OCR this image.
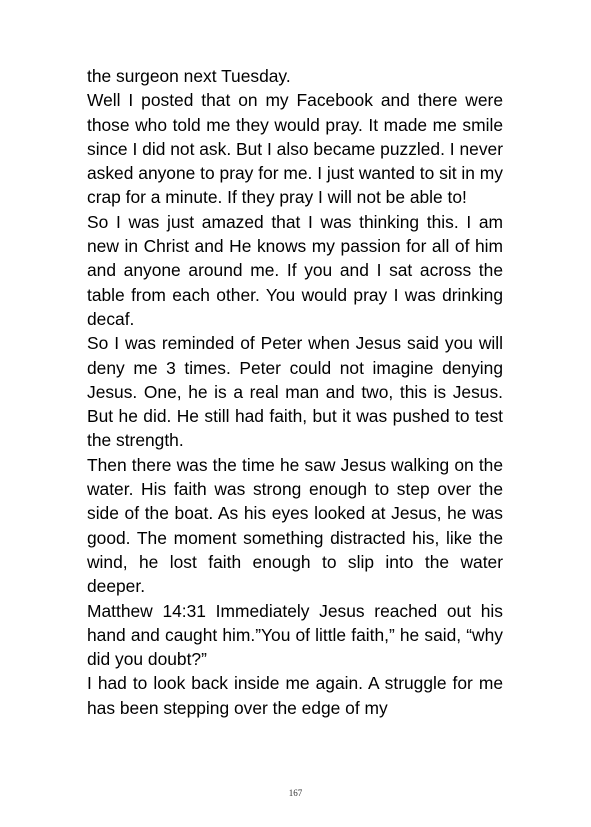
the surgeon next Tuesday.

Well I posted that on my Facebook and there were those who told me they would pray. It made me smile since I did not ask. But I also became puzzled. I never asked anyone to pray for me. I just wanted to sit in my crap for a minute. If they pray I will not be able to!

So I was just amazed that I was thinking this. I am new in Christ and He knows my passion for all of him and anyone around me. If you and I sat across the table from each other. You would pray I was drinking decaf.

So I was reminded of Peter when Jesus said you will deny me 3 times. Peter could not imagine denying Jesus. One, he is a real man and two, this is Jesus. But he did. He still had faith, but it was pushed to test the strength.

Then there was the time he saw Jesus walking on the water. His faith was strong enough to step over the side of the boat. As his eyes looked at Jesus, he was good. The moment something distracted his, like the wind, he lost faith enough to slip into the water deeper.

Matthew 14:31 Immediately Jesus reached out his hand and caught him.”You of little faith,” he said, “why did you doubt?”

I had to look back inside me again. A struggle for me has been stepping over the edge of my

167
